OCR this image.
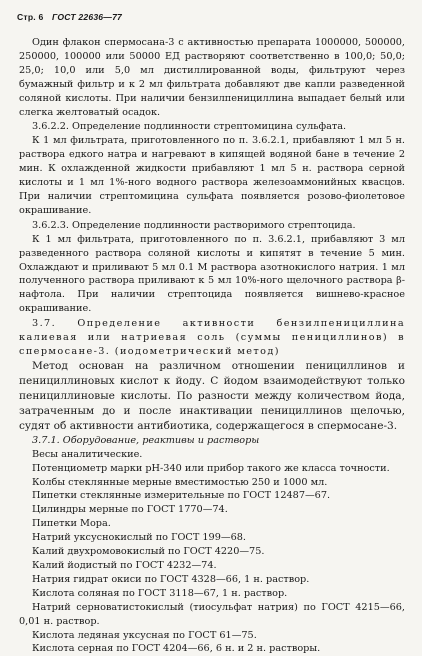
Стр. 6 ГОСТ 22636—77

Один флакон спермосана-3 с активностью препарата 1000000, 500000, 250000, 100000 или 50000 ЕД растворяют соответственно в 100,0; 50,0; 25,0; 10,0 или 5,0 мл дистиллированной воды, фильтруют через бумажный фильтр и к 2 мл фильтрата добавляют две капли разведенной соляной кислоты. При наличии бензилпенициллина выпадает белый или слегка желтоватый осадок.

3.6.2.2. Определение подлинности стрептомицина сульфата.

К 1 мл фильтрата, приготовленного по п. 3.6.2.1, прибавляют 1 мл 5 н. раствора едкого натра и нагревают в кипящей водяной бане в течение 2 мин. К охлажденной жидкости прибавляют 1 мл 5 н. раствора серной кислоты и 1 мл 1%-ного водного раствора железоаммонийных квасцов. При наличии стрептомицина сульфата появляется розово-фиолетовое окрашивание.

3.6.2.3. Определение подлинности растворимого стрептоцида.

К 1 мл фильтрата, приготовленного по п. 3.6.2.1, прибавляют 3 мл разведенного раствора соляной кислоты и кипятят в течение 5 мин. Охлаждают и приливают 5 мл 0.1 М раствора азотнокислого натрия. 1 мл полученного раствора приливают к 5 мл 10%-ного щелочного раствора β-нафтола. При наличии стрептоцида появляется вишнево-красное окрашивание.

3.7. Определение активности бензилпенициллина калиевая или натриевая соль (суммы пенициллинов) в спермосане-3. (иодометрический метод)

Метод основан на различном отношении пенициллинов и пенициллиновых кислот к йоду. С йодом взаимодействуют только пенициллиновые кислоты. По разности между количеством йода, затраченным до и после инактивации пенициллинов щелочью, судят об активности антибиотика, содержащегося в спермосане-3.

3.7.1. Оборудование, реактивы и растворы

Весы аналитические.

Потенциометр марки рН-340 или прибор такого же класса точности.

Колбы стеклянные мерные вместимостью 250 и 1000 мл.

Пипетки стеклянные измерительные по ГОСТ 12487—67.

Цилиндры мерные по ГОСТ 1770—74.

Пипетки Мора.

Натрий уксуснокислый по ГОСТ 199—68.

Калий двухромовокислый по ГОСТ 4220—75.

Калий йодистый по ГОСТ 4232—74.

Натрия гидрат окиси по ГОСТ 4328—66, 1 н. раствор.

Кислота соляная по ГОСТ 3118—67, 1 н. раствор.

Натрий серноватистокислый (тиосульфат натрия) по ГОСТ 4215—66, 0,01 н. раствор.

Кислота ледяная уксусная по ГОСТ 61—75.

Кислота серная по ГОСТ 4204—66, 6 н. и 2 н. растворы.
